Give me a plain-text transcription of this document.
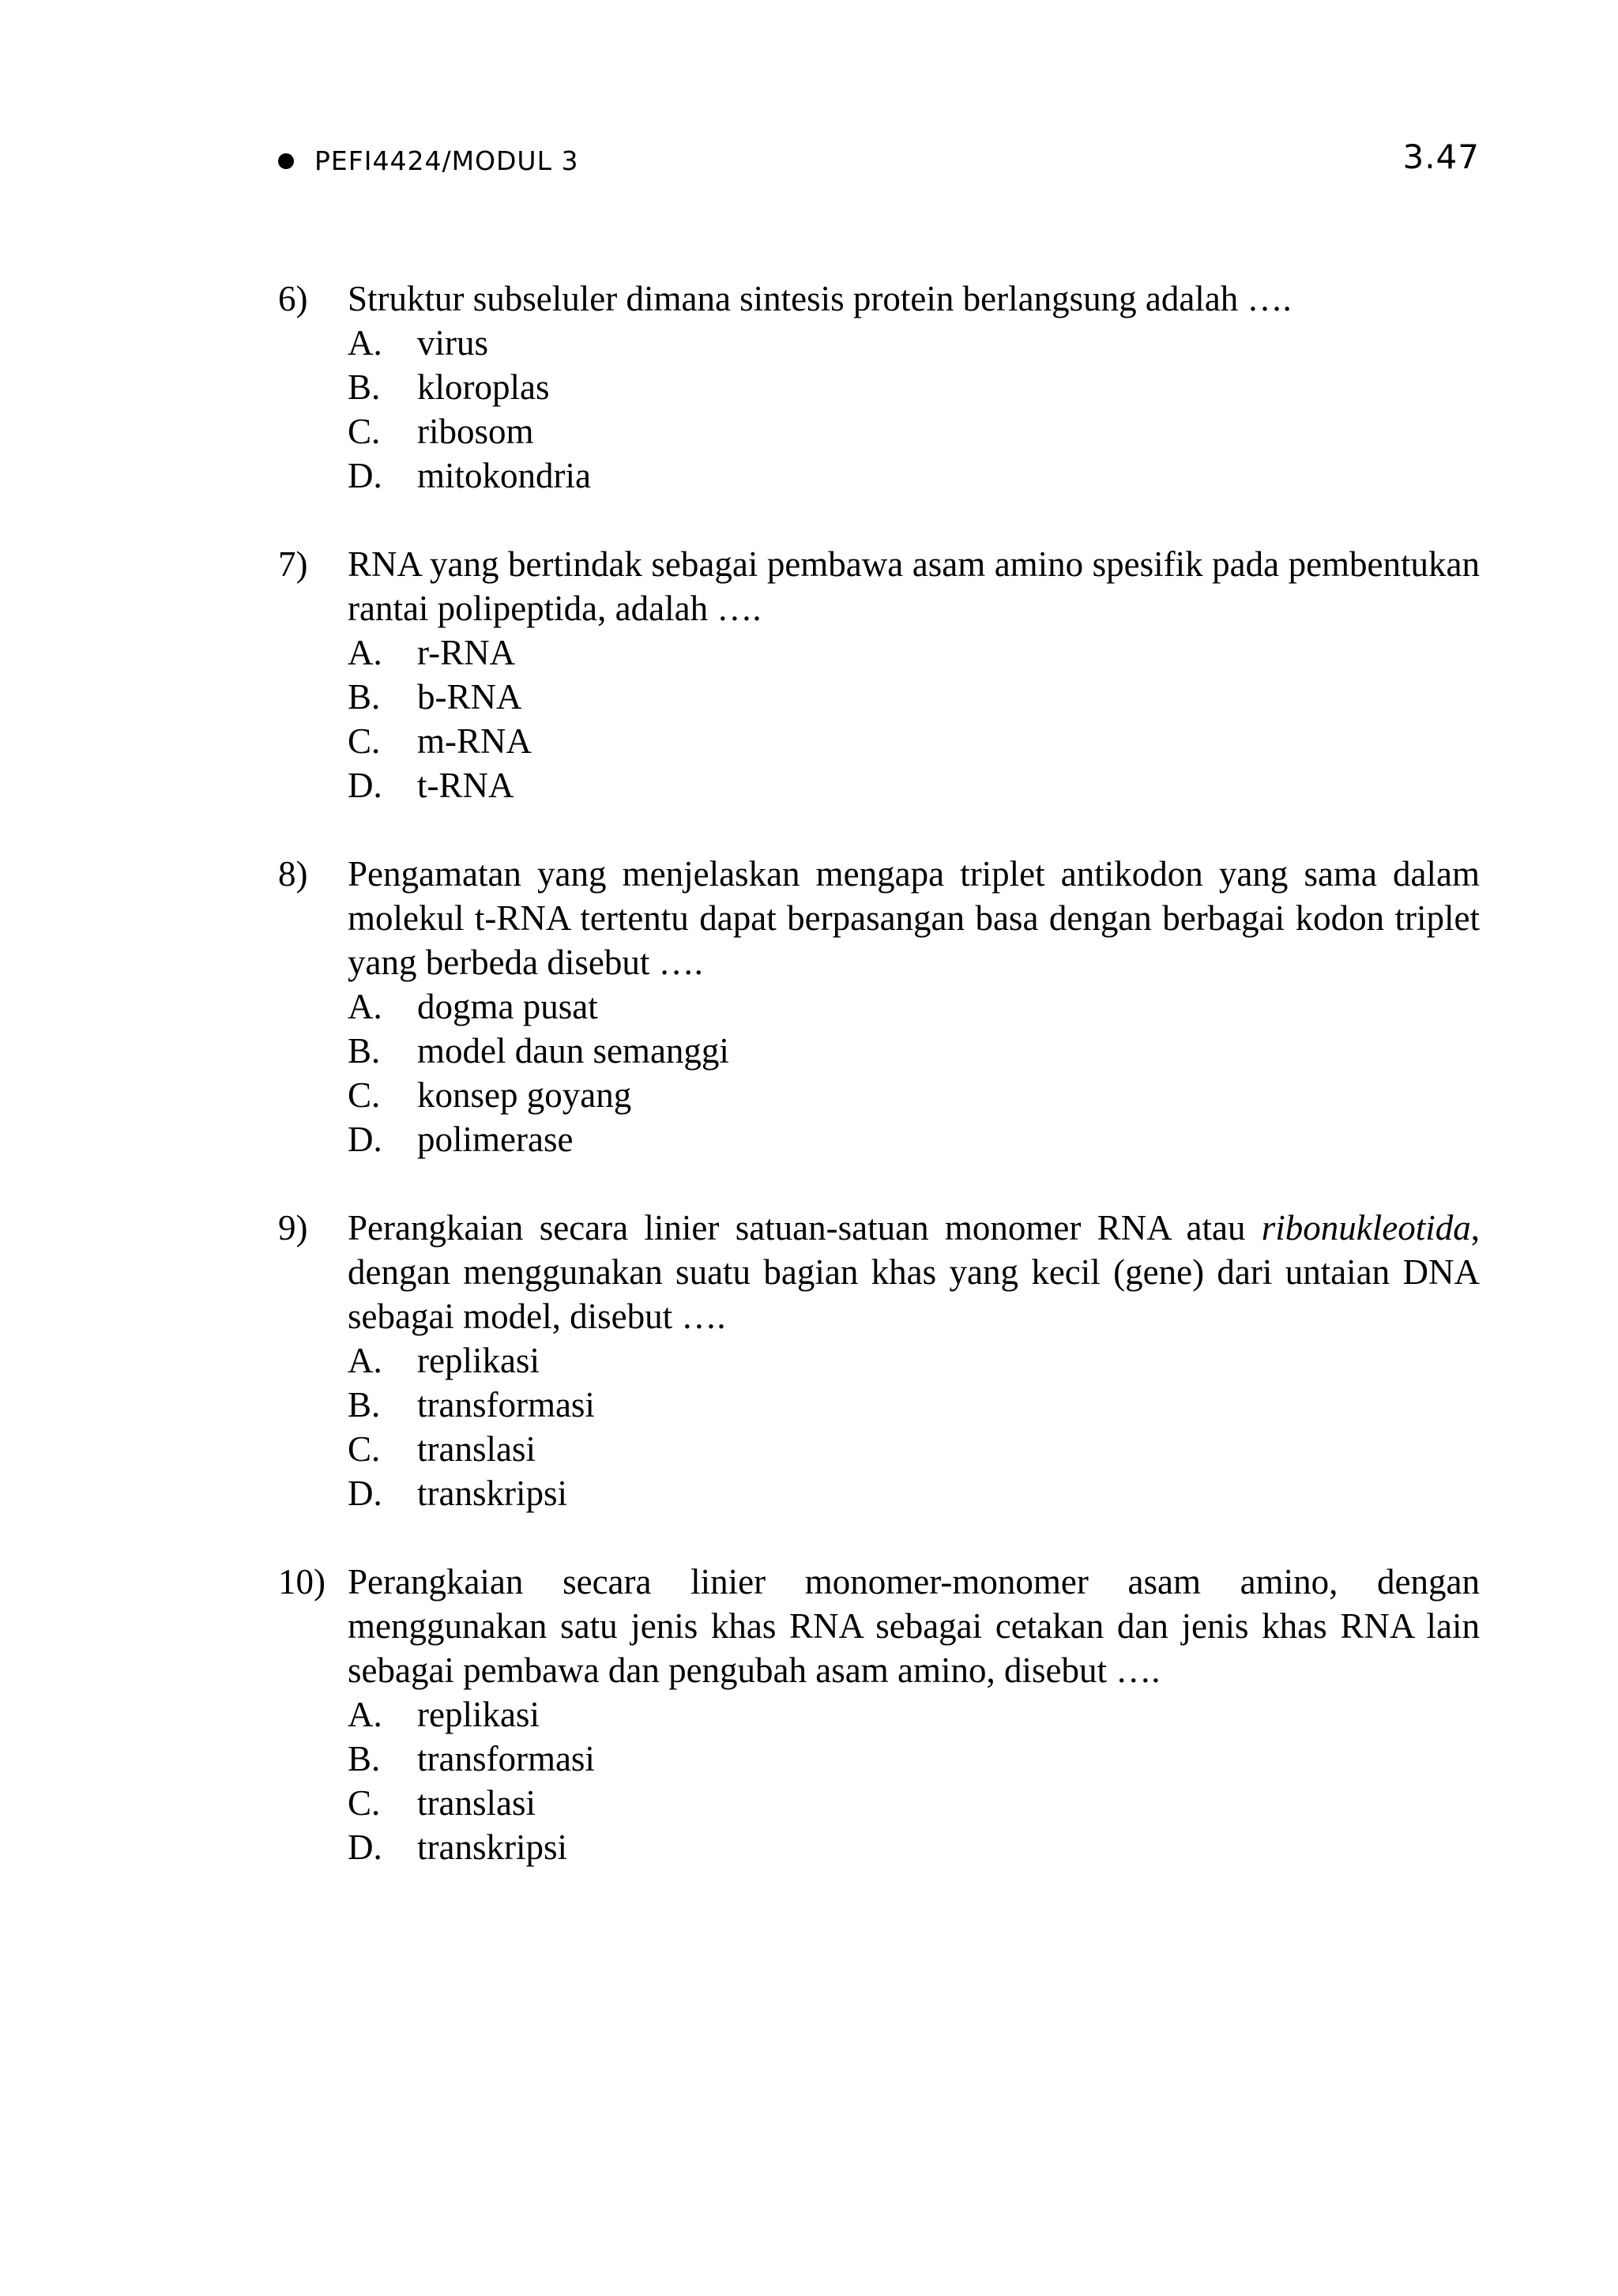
PEFI4424/MODUL 3	3.47
6) Struktur subseluler dimana sintesis protein berlangsung adalah ….
A. virus
B.	kloroplas
C.	ribosom
D. mitokondria
7) RNA yang bertindak sebagai pembawa asam amino spesifik pada pembentukan rantai polipeptida, adalah ….
A. r-RNA
B.	b-RNA
C.	m-RNA
D. t-RNA
8) Pengamatan yang menjelaskan mengapa triplet antikodon yang sama dalam molekul t-RNA tertentu dapat berpasangan basa dengan berbagai kodon triplet yang berbeda disebut ….
A. dogma pusat
B.	model daun semanggi
C.	konsep goyang
D. polimerase
9) Perangkaian secara linier satuan-satuan monomer RNA atau ribonukleotida, dengan menggunakan suatu bagian khas yang kecil (gene) dari untaian DNA sebagai model, disebut ….
A. replikasi
B.	transformasi
C.	translasi
D. transkripsi
10) Perangkaian secara linier monomer-monomer asam amino, dengan menggunakan satu jenis khas RNA sebagai cetakan dan jenis khas RNA lain sebagai pembawa dan pengubah asam amino, disebut ….
A. replikasi
B.	transformasi
C.	translasi
D. transkripsi
